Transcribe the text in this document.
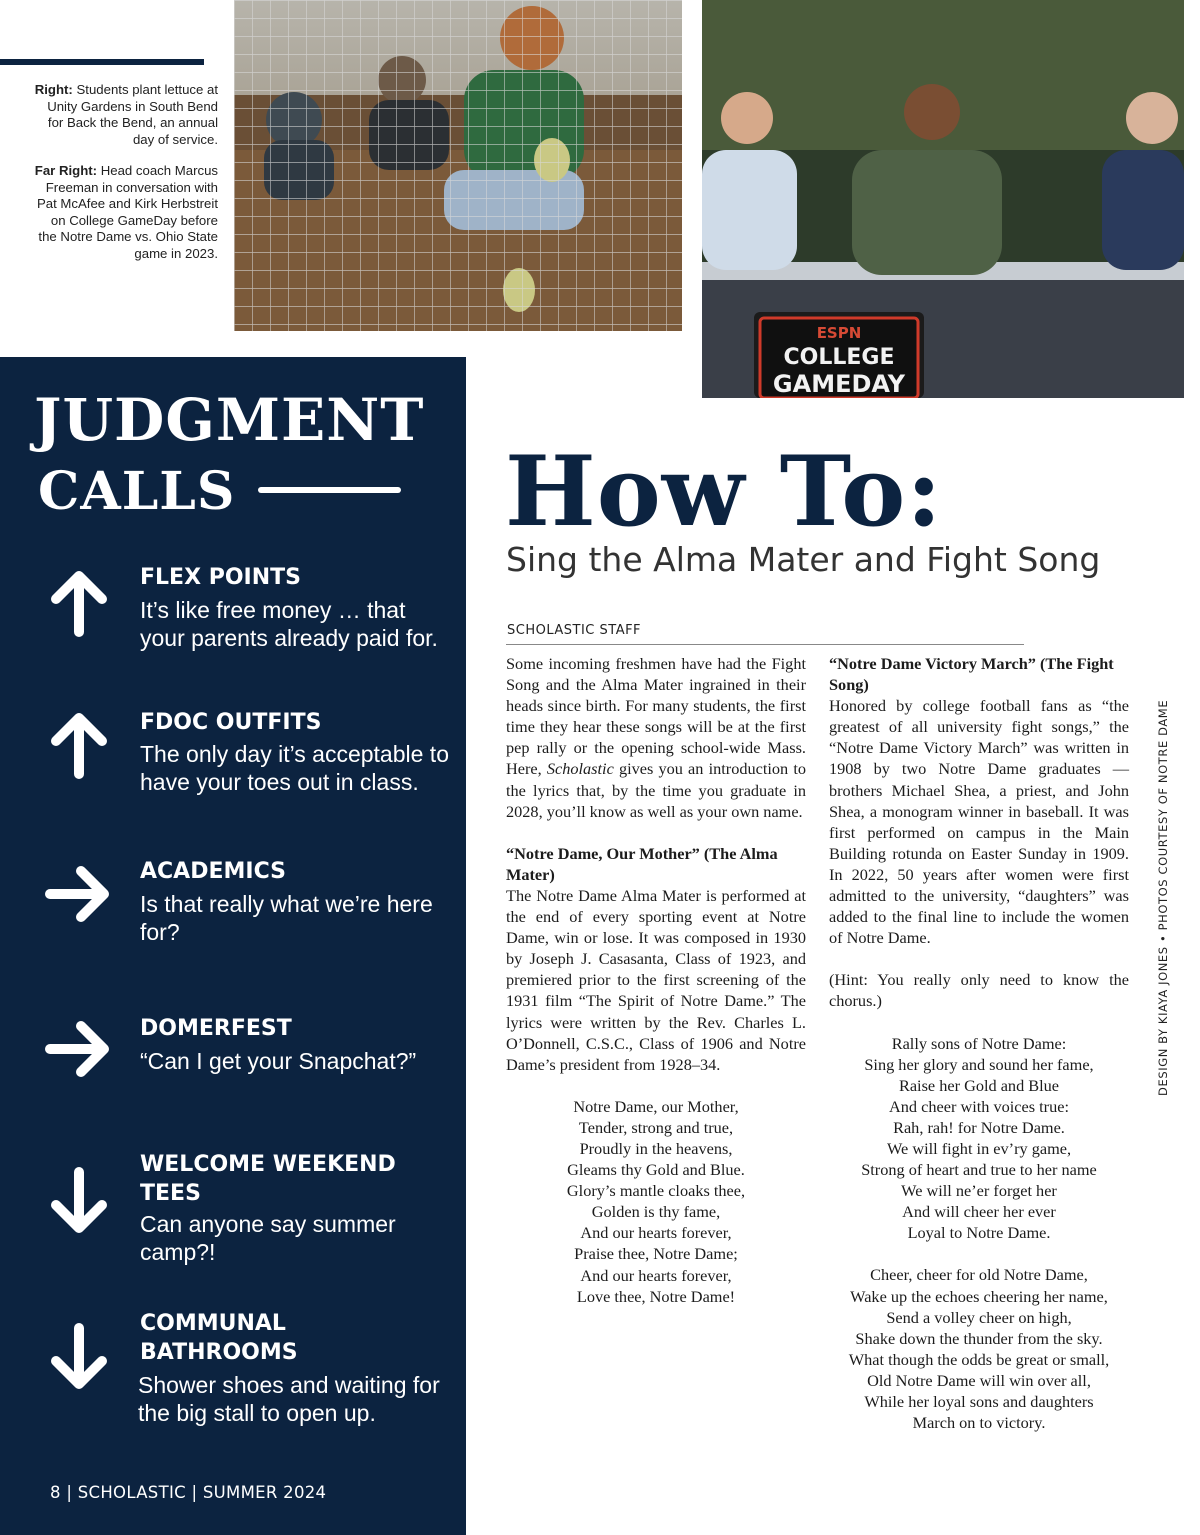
Right: Students plant lettuce at Unity Gardens in South Bend for Back the Bend, an annual day of service.

Far Right: Head coach Marcus Freeman in conversation with Pat McAfee and Kirk Herbstreit on College GameDay before the Notre Dame vs. Ohio State game in 2023.

ESPN
COLLEGE
GAMEDAY
JUDGMENT
CALLS
FLEX POINTS
It’s like free money … that your parents already paid for.
FDOC OUTFITS
The only day it’s acceptable to have your toes out in class.
ACADEMICS
Is that really what we’re here for?
DOMERFEST
“Can I get your Snapchat?”
WELCOME WEEKEND TEES
Can anyone say summer camp?!
COMMUNAL BATHROOMS
Shower shoes and waiting for the big stall to open up.
8 | SCHOLASTIC | SUMMER 2024
How To:
Sing the Alma Mater and Fight Song
SCHOLASTIC STAFF

Some incoming freshmen have had the Fight Song and the Alma Mater ingrained in their heads since birth. For many students, the first time they hear these songs will be at the first pep rally or the opening school-wide Mass. Here, Scholastic gives you an introduction to the lyrics that, by the time you graduate in 2028, you’ll know as well as your own name.

“Notre Dame, Our Mother” (The Alma Mater)

The Notre Dame Alma Mater is performed at the end of every sporting event at Notre Dame, win or lose. It was composed in 1930 by Joseph J. Casasanta, Class of 1923, and premiered prior to the first screening of the 1931 film “The Spirit of Notre Dame.” The lyrics were written by the Rev. Charles L. O’Donnell, C.S.C., Class of 1906 and Notre Dame’s president from 1928–34.

Notre Dame, our Mother,
Tender, strong and true,
Proudly in the heavens,
Gleams thy Gold and Blue.
Glory’s mantle cloaks thee,
Golden is thy fame,
And our hearts forever,
Praise thee, Notre Dame;
And our hearts forever,
Love thee, Notre Dame!

“Notre Dame Victory March” (The Fight Song)

Honored by college football fans as “the greatest of all university fight songs,” the “Notre Dame Victory March” was written in 1908 by two Notre Dame graduates — brothers Michael Shea, a priest, and John Shea, a monogram winner in baseball. It was first performed on campus in the Main Building rotunda on Easter Sunday in 1909. In 2022, 50 years after women were first admitted to the university, “daughters” was added to the final line to include the women of Notre Dame.

(Hint: You really only need to know the chorus.)

Rally sons of Notre Dame:
Sing her glory and sound her fame,
Raise her Gold and Blue
And cheer with voices true:
Rah, rah! for Notre Dame.
We will fight in ev’ry game,
Strong of heart and true to her name
We will ne’er forget her
And will cheer her ever
Loyal to Notre Dame.
Cheer, cheer for old Notre Dame,
Wake up the echoes cheering her name,
Send a volley cheer on high,
Shake down the thunder from the sky.
What though the odds be great or small,
Old Notre Dame will win over all,
While her loyal sons and daughters
March on to victory.
DESIGN BY KIAYA JONES • PHOTOS COURTESY OF NOTRE DAME
